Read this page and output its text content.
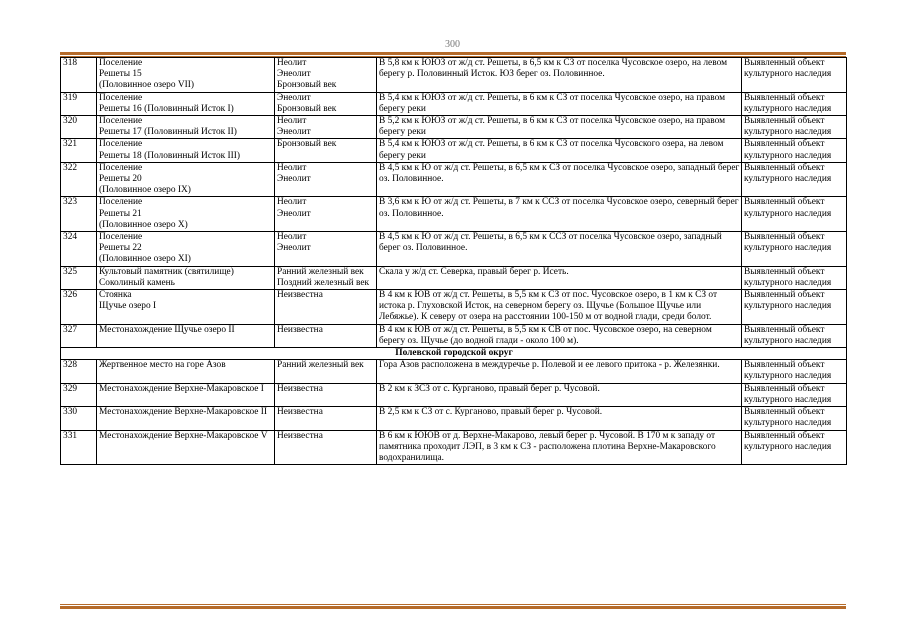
300
318	Поселение
Решеты 15
(Половинное озеро VII)	Неолит
Энеолит
Бронзовый век	В 5,8 км к ЮЮЗ от ж/д ст. Решеты, в 6,5 км к СЗ от поселка Чусовское озеро, на левом берегу р. Половинный Исток. ЮЗ берег оз. Половинное.	Выявленный объект культурного наследия
319	Поселение
Решеты 16 (Половинный Исток I)	Энеолит
Бронзовый век	В 5,4 км к ЮЮЗ от ж/д ст. Решеты, в 6 км к СЗ от поселка Чусовское озеро, на правом берегу реки	Выявленный объект культурного наследия
320	Поселение
Решеты 17 (Половинный Исток II)	Неолит
Энеолит	В 5,2 км к ЮЮЗ от ж/д ст. Решеты, в 6 км к СЗ от поселка Чусовское озеро, на правом берегу реки	Выявленный объект культурного наследия
321	Поселение
Решеты 18 (Половинный Исток III)	Бронзовый век	В 5,4 км к ЮЮЗ от ж/д ст. Решеты, в 6 км к СЗ от поселка Чусовского озера, на левом берегу реки	Выявленный объект культурного наследия
322	Поселение
Решеты 20
(Половинное озеро IX)	Неолит
Энеолит	В 4,5 км к Ю от ж/д ст. Решеты, в 6,5 км к СЗ от поселка Чусовское озеро, западный берег оз. Половинное.	Выявленный объект культурного наследия
323	Поселение
Решеты 21
(Половинное озеро X)	Неолит
Энеолит	В 3,6 км к Ю от ж/д ст. Решеты, в 7 км к ССЗ от поселка Чусовское озеро, северный берег оз. Половинное.	Выявленный объект культурного наследия
324	Поселение
Решеты 22
(Половинное озеро XI)	Неолит
Энеолит	В 4,5 км к Ю от ж/д ст. Решеты, в 6,5 км к ССЗ от поселка Чусовское озеро, западный
берег оз. Половинное.	Выявленный объект культурного наследия
325	Культовый памятник (святилище)
Соколиный камень	Ранний железный век
Поздний железный век	Скала у ж/д ст. Северка, правый берег р. Исеть.	Выявленный объект культурного наследия
326	Стоянка
Щучье озеро I	Неизвестна	В 4 км к ЮВ от ж/д ст. Решеты, в 5,5 км к СЗ от пос. Чусовское озеро, в 1 км к СЗ от истока р. Глуховской Исток, на северном берегу оз. Щучье (Большое Щучье или Лебяжье). К северу от озера на расстоянии 100-150 м от водной глади, среди болот.	Выявленный объект культурного наследия
327	Местонахождение Щучье озеро II	Неизвестна	В 4 км к ЮВ от ж/д ст. Решеты, в 5,5 км к СВ от пос. Чусовское озеро, на северном берегу оз. Щучье (до водной глади - около 100 м).	Выявленный объект культурного наследия
Полевской городской округ				
328	Жертвенное место на горе Азов	Ранний железный век	Гора Азов расположена в междуречье р. Полевой и ее левого притока - р. Железянки.	Выявленный объект культурного наследия
329	Местонахождение Верхне-Макаровское I	Неизвестна	В 2 км к ЗСЗ от с. Курганово, правый берег р. Чусовой.	Выявленный объект культурного наследия
330	Местонахождение Верхне-Макаровское II	Неизвестна	В 2,5 км к СЗ от с. Курганово, правый берег р. Чусовой.	Выявленный объект культурного наследия
331	Местонахождение Верхне-Макаровское V	Неизвестна	В 6 км к ЮЮВ от д. Верхне-Макарово, левый берег р. Чусовой. В 170 м к западу от памятника проходит ЛЭП, в 3 км к СЗ - расположена плотина Верхне-Макаровского водохранилища.	Выявленный объект культурного наследия
